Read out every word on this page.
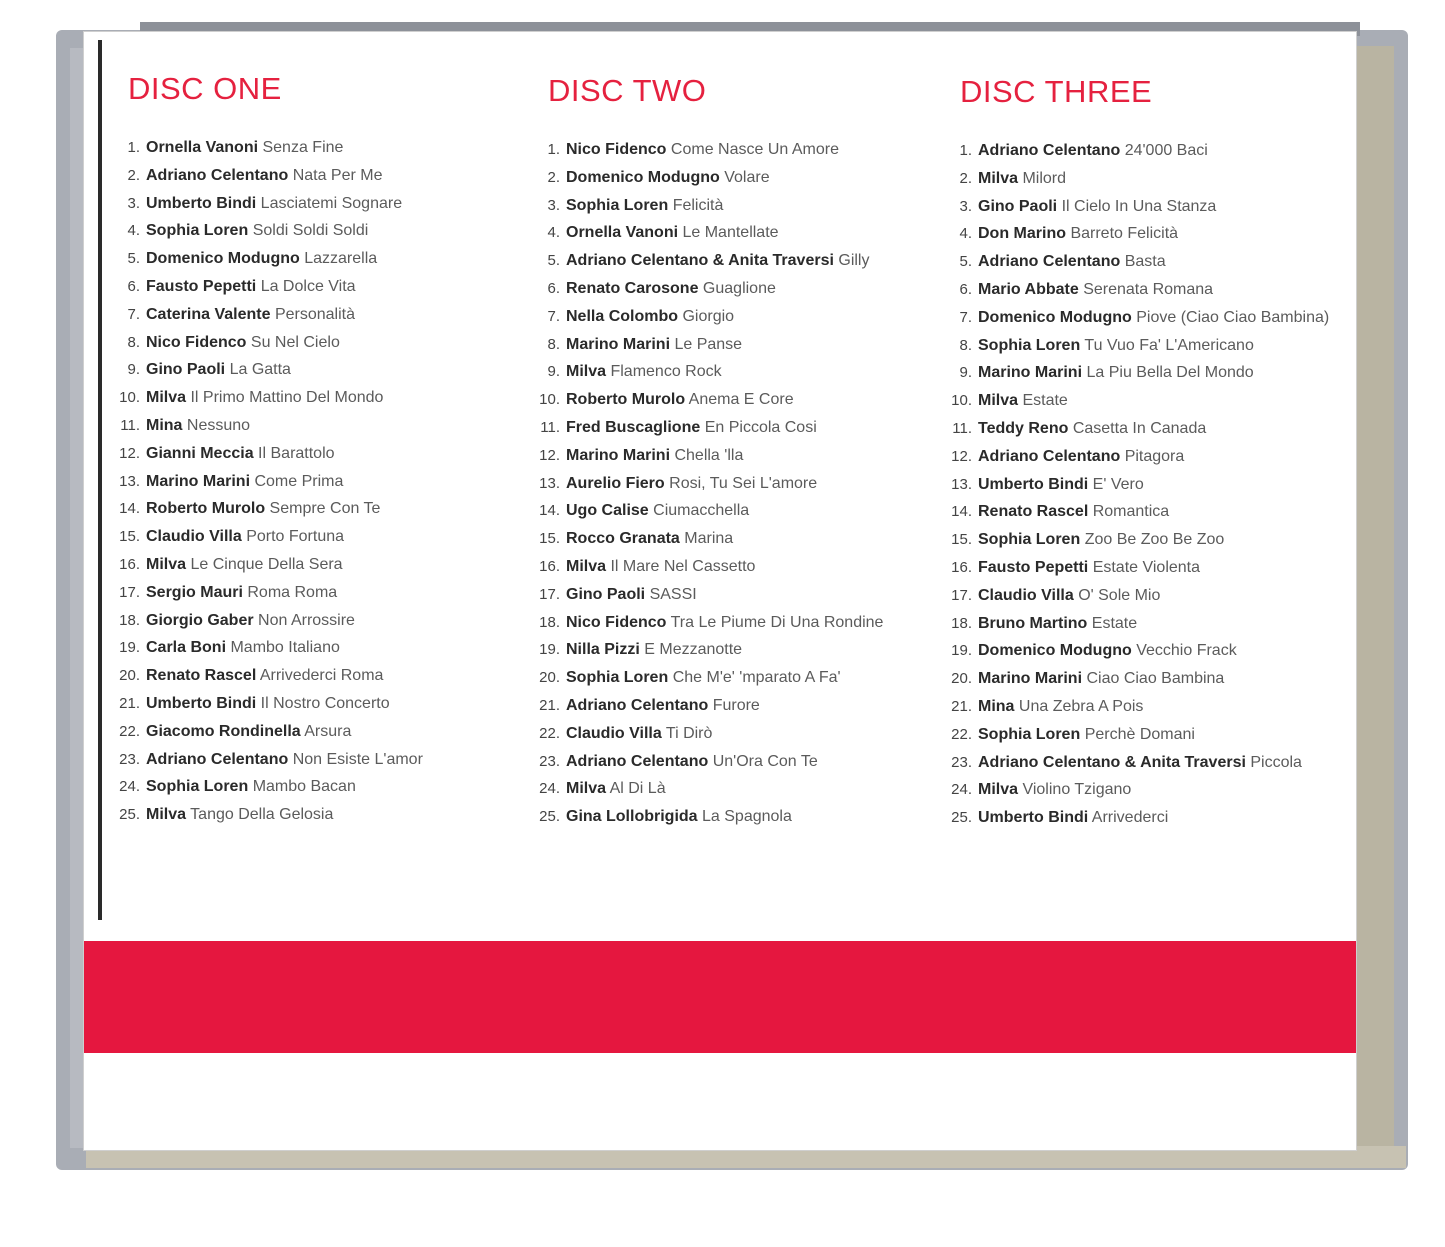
DISC ONE
1. Ornella Vanoni Senza Fine
2. Adriano Celentano Nata Per Me
3. Umberto Bindi Lasciatemi Sognare
4. Sophia Loren Soldi Soldi Soldi
5. Domenico Modugno Lazzarella
6. Fausto Pepetti La Dolce Vita
7. Caterina Valente Personalità
8. Nico Fidenco Su Nel Cielo
9. Gino Paoli La Gatta
10. Milva Il Primo Mattino Del Mondo
11. Mina Nessuno
12. Gianni Meccia Il Barattolo
13. Marino Marini Come Prima
14. Roberto Murolo Sempre Con Te
15. Claudio Villa Porto Fortuna
16. Milva Le Cinque Della Sera
17. Sergio Mauri Roma Roma
18. Giorgio Gaber Non Arrossire
19. Carla Boni Mambo Italiano
20. Renato Rascel Arrivederci Roma
21. Umberto Bindi Il Nostro Concerto
22. Giacomo Rondinella Arsura
23. Adriano Celentano Non Esiste L'amor
24. Sophia Loren Mambo Bacan
25. Milva Tango Della Gelosia
DISC TWO
1. Nico Fidenco Come Nasce Un Amore
2. Domenico Modugno Volare
3. Sophia Loren Felicità
4. Ornella Vanoni Le Mantellate
5. Adriano Celentano & Anita Traversi Gilly
6. Renato Carosone Guaglione
7. Nella Colombo Giorgio
8. Marino Marini Le Panse
9. Milva Flamenco Rock
10. Roberto Murolo Anema E Core
11. Fred Buscaglione En Piccola Cosi
12. Marino Marini Chella 'lla
13. Aurelio Fiero Rosi, Tu Sei L'amore
14. Ugo Calise Ciumacchella
15. Rocco Granata Marina
16. Milva Il Mare Nel Cassetto
17. Gino Paoli SASSI
18. Nico Fidenco Tra Le Piume Di Una Rondine
19. Nilla Pizzi E Mezzanotte
20. Sophia Loren Che M'e' 'mparato A Fa'
21. Adriano Celentano Furore
22. Claudio Villa Ti Dirò
23. Adriano Celentano Un'Ora Con Te
24. Milva Al Di Là
25. Gina Lollobrigida La Spagnola
DISC THREE
1. Adriano Celentano 24'000 Baci
2. Milva Milord
3. Gino Paoli Il Cielo In Una Stanza
4. Don Marino Barreto Felicità
5. Adriano Celentano Basta
6. Mario Abbate Serenata Romana
7. Domenico Modugno Piove (Ciao Ciao Bambina)
8. Sophia Loren Tu Vuo Fa' L'Americano
9. Marino Marini La Piu Bella Del Mondo
10. Milva Estate
11. Teddy Reno Casetta In Canada
12. Adriano Celentano Pitagora
13. Umberto Bindi E' Vero
14. Renato Rascel Romantica
15. Sophia Loren Zoo Be Zoo Be Zoo
16. Fausto Pepetti Estate Violenta
17. Claudio Villa O' Sole Mio
18. Bruno Martino Estate
19. Domenico Modugno Vecchio Frack
20. Marino Marini Ciao Ciao Bambina
21. Mina Una Zebra A Pois
22. Sophia Loren Perchè Domani
23. Adriano Celentano & Anita Traversi Piccola
24. Milva Violino Tzigano
25. Umberto Bindi Arrivederci
